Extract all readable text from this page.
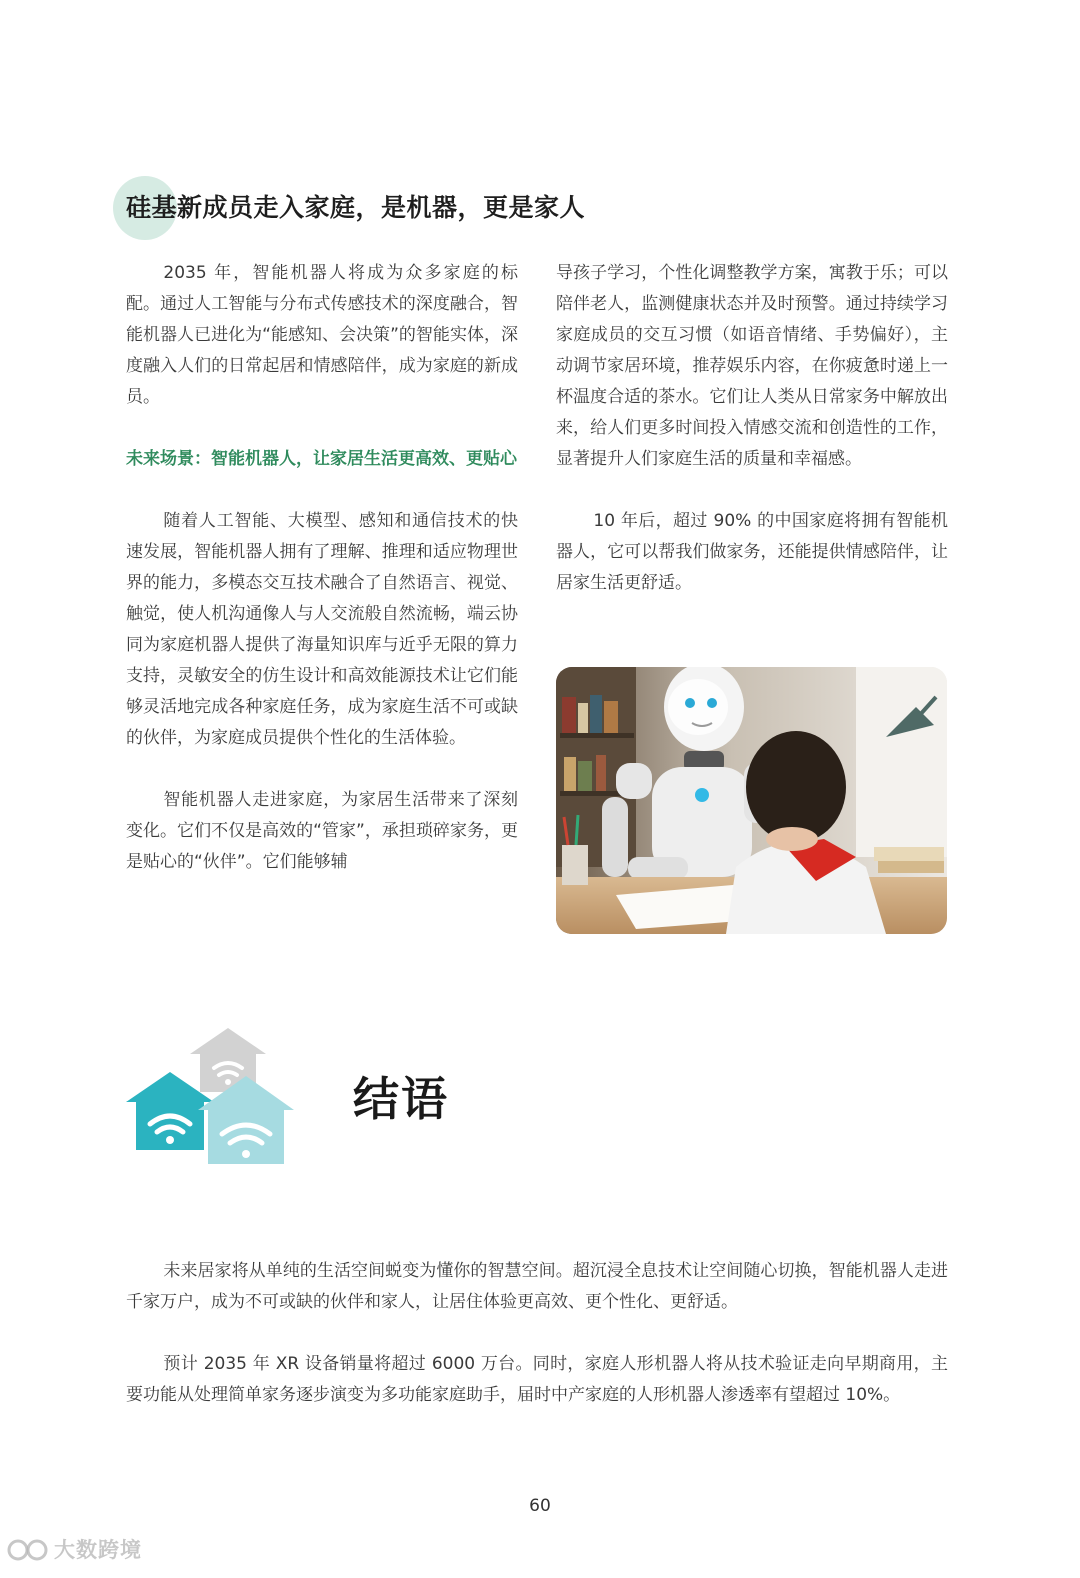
硅基新成员走入家庭，是机器，更是家人

2035 年，智能机器人将成为众多家庭的标配。通过人工智能与分布式传感技术的深度融合，智能机器人已进化为“能感知、会决策”的智能实体，深度融入人们的日常起居和情感陪伴，成为家庭的新成员。

未来场景：智能机器人，让家居生活更高效、更贴心

随着人工智能、大模型、感知和通信技术的快速发展，智能机器人拥有了理解、推理和适应物理世界的能力，多模态交互技术融合了自然语言、视觉、触觉，使人机沟通像人与人交流般自然流畅，端云协同为家庭机器人提供了海量知识库与近乎无限的算力支持，灵敏安全的仿生设计和高效能源技术让它们能够灵活地完成各种家庭任务，成为家庭生活不可或缺的伙伴，为家庭成员提供个性化的生活体验。

智能机器人走进家庭，为家居生活带来了深刻变化。它们不仅是高效的“管家”，承担琐碎家务，更是贴心的“伙伴”。它们能够辅

导孩子学习，个性化调整教学方案，寓教于乐；可以陪伴老人，监测健康状态并及时预警。通过持续学习家庭成员的交互习惯（如语音情绪、手势偏好），主动调节家居环境，推荐娱乐内容，在你疲惫时递上一杯温度合适的茶水。它们让人类从日常家务中解放出来，给人们更多时间投入情感交流和创造性的工作，显著提升人们家庭生活的质量和幸福感。

10 年后，超过 90% 的中国家庭将拥有智能机器人，它可以帮我们做家务，还能提供情感陪伴，让居家生活更舒适。

结语

未来居家将从单纯的生活空间蜕变为懂你的智慧空间。超沉浸全息技术让空间随心切换，智能机器人走进千家万户，成为不可或缺的伙伴和家人，让居住体验更高效、更个性化、更舒适。

预计 2035 年 XR 设备销量将超过 6000 万台。同时，家庭人形机器人将从技术验证走向早期商用，主要功能从处理简单家务逐步演变为多功能家庭助手，届时中产家庭的人形机器人渗透率有望超过 10%。

60
大数跨境
